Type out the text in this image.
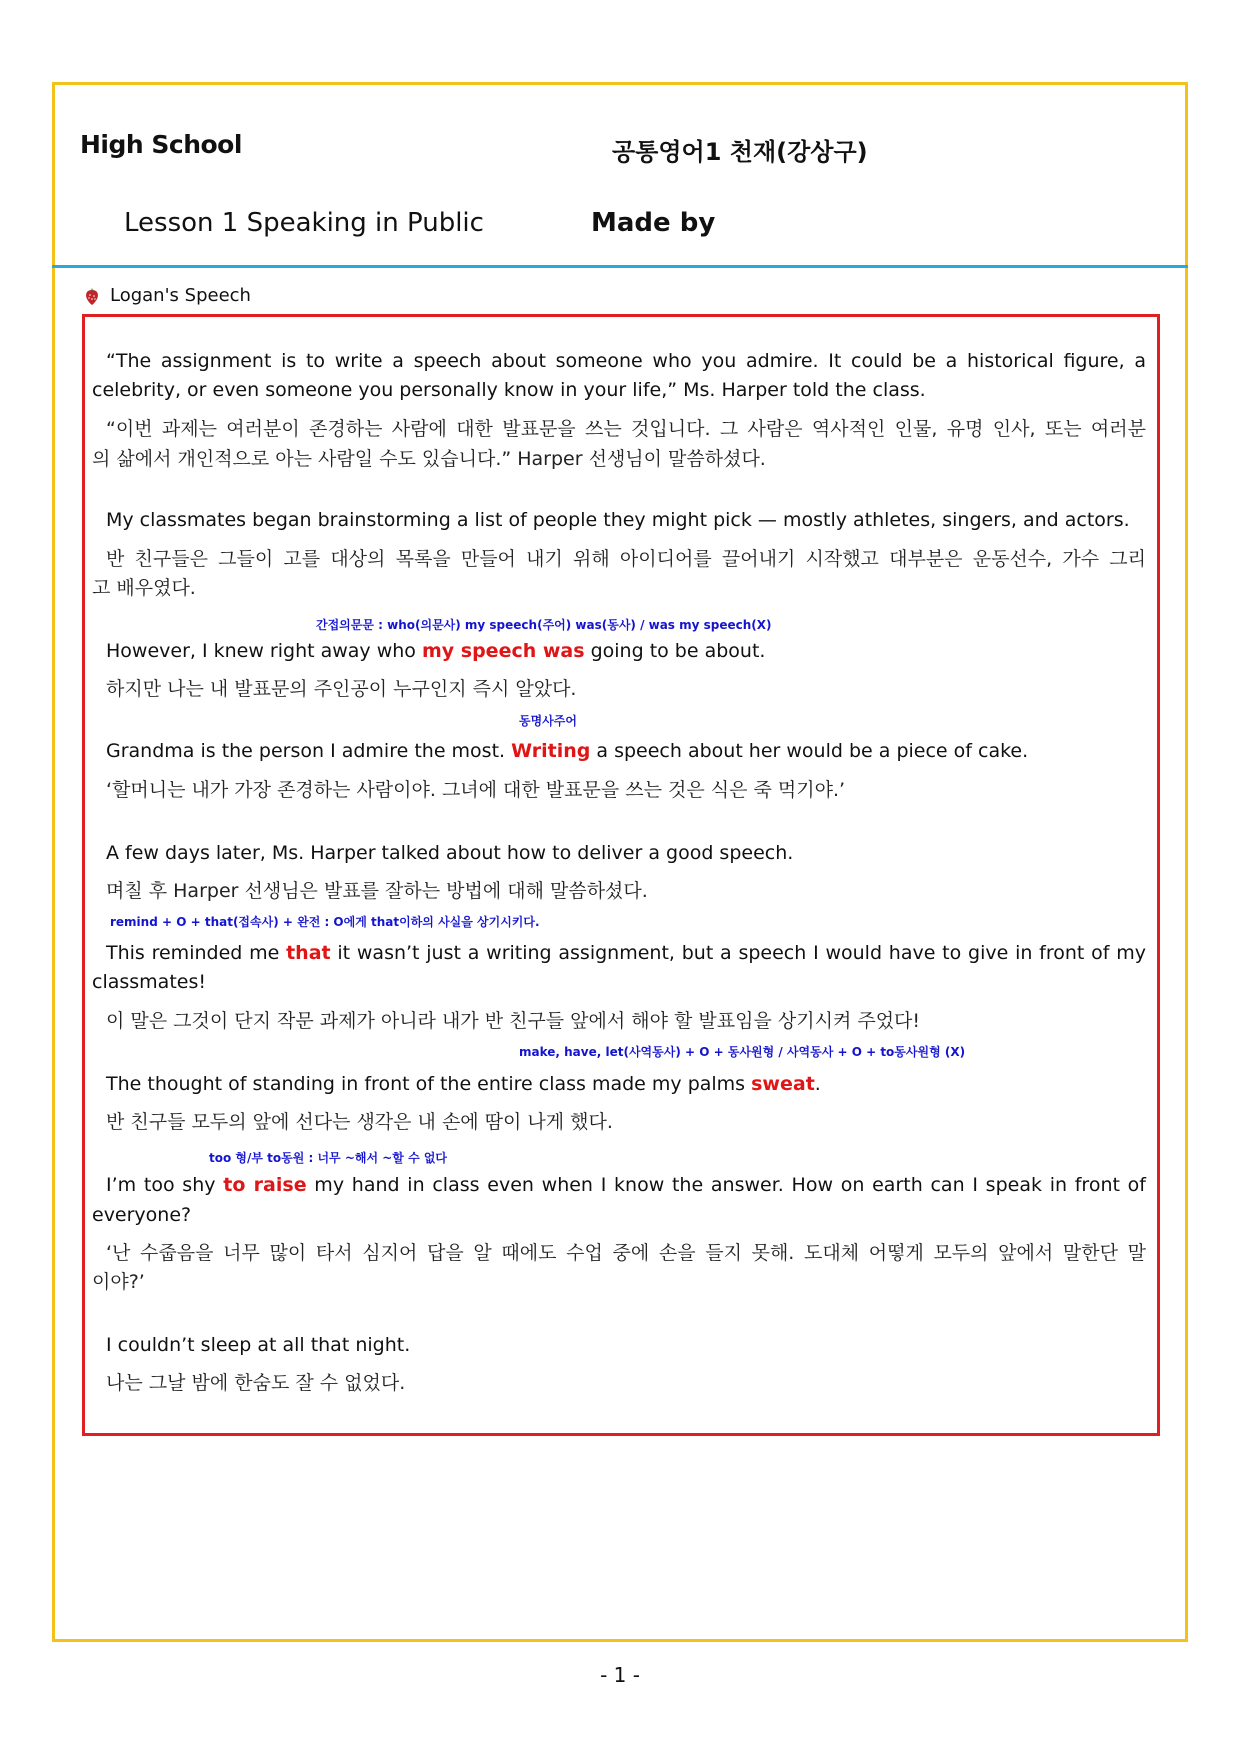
High School	공통영어1 천재(강상구)
Lesson 1 Speaking in Public	Made by
Logan's Speech
“The assignment is to write a speech about someone who you admire. It could be a historical figure, a
celebrity, or even someone you personally know in your life,” Ms. Harper told the class.
“이번 과제는 여러분이 존경하는 사람에 대한 발표문을 쓰는 것입니다. 그 사람은 역사적인 인물, 유명 인사, 또는 여러분
의 삶에서 개인적으로 아는 사람일 수도 있습니다.” Harper 선생님이 말씀하셨다.
My classmates began brainstorming a list of people they might pick — mostly athletes, singers, and actors.
반 친구들은 그들이 고를 대상의 목록을 만들어 내기 위해 아이디어를 끌어내기 시작했고 대부분은 운동선수, 가수 그리
고 배우였다.
간접의문문 : who(의문사) my speech(주어) was(동사) / was my speech(X)
However, I knew right away who my speech was going to be about.
하지만 나는 내 발표문의 주인공이 누구인지 즉시 알았다.
동명사주어
Grandma is the person I admire the most. Writing a speech about her would be a piece of cake.
‘할머니는 내가 가장 존경하는 사람이야. 그녀에 대한 발표문을 쓰는 것은 식은 죽 먹기야.’
A few days later, Ms. Harper talked about how to deliver a good speech.
며칠 후 Harper 선생님은 발표를 잘하는 방법에 대해 말씀하셨다.
remind + O + that(접속사) + 완전 : O에게 that이하의 사실을 상기시키다.
This reminded me that it wasn’t just a writing assignment, but a speech I would have to give in front of my
classmates!
이 말은 그것이 단지 작문 과제가 아니라 내가 반 친구들 앞에서 해야 할 발표임을 상기시켜 주었다!
make, have, let(사역동사) + O + 동사원형 / 사역동사 + O + to동사원형 (X)
The thought of standing in front of the entire class made my palms sweat.
반 친구들 모두의 앞에 선다는 생각은 내 손에 땀이 나게 했다.
too 형/부 to동원 : 너무 ~해서 ~할 수 없다
I’m too shy to raise my hand in class even when I know the answer. How on earth can I speak in front of
everyone?
‘난 수줍음을 너무 많이 타서 심지어 답을 알 때에도 수업 중에 손을 들지 못해. 도대체 어떻게 모두의 앞에서 말한단 말
이야?’
I couldn’t sleep at all that night.
나는 그날 밤에 한숨도 잘 수 없었다.
- 1 -
